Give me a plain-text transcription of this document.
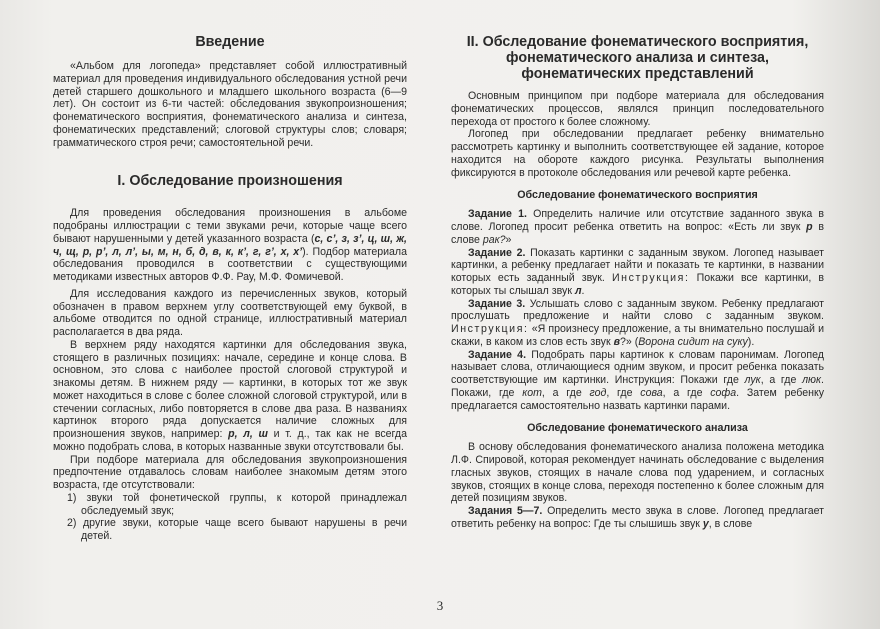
Введение

«Альбом для логопеда» представляет собой иллюстративный материал для проведения индивидуального обследования устной речи детей старшего дошкольного и младшего школьного возраста (6—9 лет). Он состоит из 6-ти частей: обследования звукопроизношения; фонематического восприятия, фонематического анализа и синтеза, фонематических представлений; слоговой структуры слов; словаря; грамматического строя речи; самостоятельной речи.

I. Обследование произношения

Для проведения обследования произношения в альбоме подобраны иллюстрации с теми звуками речи, которые чаще всего бывают нарушенными у детей указанного возраста (с, с’, з, з’, ц, ш, ж, ч, щ, р, р’, л, л’, ы, м, н, б, д, в, к, к’, г, г’, х, х’). Подбор материала обследования проводился в соответствии с существующими методиками известных авторов Ф.Ф. Рау, М.Ф. Фомичевой.

Для исследования каждого из перечисленных звуков, который обозначен в правом верхнем углу соответствующей ему буквой, в альбоме отводится по одной странице, иллюстративный материал располагается в два ряда.

В верхнем ряду находятся картинки для обследования звука, стоящего в различных позициях: начале, середине и конце слова. В основном, это слова с наиболее простой слоговой структурой и знакомы детям. В нижнем ряду — картинки, в которых тот же звук может находиться в слове с более сложной слоговой структурой, или в стечении согласных, либо повторяется в слове два раза. В названиях картинок второго ряда допускается наличие сложных для произношения звуков, например: р, л, ш и т. д., так как не всегда можно подобрать слова, в которых названные звуки отсутствовали бы.

При подборе материала для обследования звукопроизношения предпочтение отдавалось словам наиболее знакомым детям этого возраста, где отсутствовали:

1) звуки той фонетической группы, к которой принадлежал обследуемый звук;

2) другие звуки, которые чаще всего бывают нарушены в речи детей.

II. Обследование фонематического восприятия, фонематического анализа и синтеза, фонематических представлений

Основным принципом при подборе материала для обследования фонематических процессов, являлся принцип последовательного перехода от простого к более сложному.

Логопед при обследовании предлагает ребенку внимательно рассмотреть картинку и выполнить соответствующее ей задание, которое находится на обороте каждого рисунка. Результаты выполнения фиксируются в протоколе обследования или речевой карте ребенка.

Обследование фонематического восприятия

Задание 1. Определить наличие или отсутствие заданного звука в слове. Логопед просит ребенка ответить на вопрос: «Есть ли звук р в слове рак?»

Задание 2. Показать картинки с заданным звуком. Логопед называет картинки, а ребенку предлагает найти и показать те картинки, в названии которых есть заданный звук. Инструкция: Покажи все картинки, в которых ты слышал звук л.

Задание 3. Услышать слово с заданным звуком. Ребенку предлагают прослушать предложение и найти слово с заданным звуком. Инструкция: «Я произнесу предложение, а ты внимательно послушай и скажи, в каком из слов есть звук в?» (Ворона сидит на суку).

Задание 4. Подобрать пары картинок к словам паронимам. Логопед называет слова, отличающиеся одним звуком, и просит ребенка показать соответствующие им картинки. Инструкция: Покажи где лук, а где люк. Покажи, где кот, а где год, где сова, а где софа. Затем ребенку предлагается самостоятельно назвать картинки парами.

Обследование фонематического анализа

В основу обследования фонематического анализа положена методика Л.Ф. Спировой, которая рекомендует начинать обследование с выделения гласных звуков, стоящих в начале слова под ударением, и согласных звуков, стоящих в конце слова, переходя постепенно к более сложным для детей позициям звуков.

Задания 5—7. Определить место звука в слове. Логопед предлагает ответить ребенку на вопрос: Где ты слышишь звук у, в слове

3
